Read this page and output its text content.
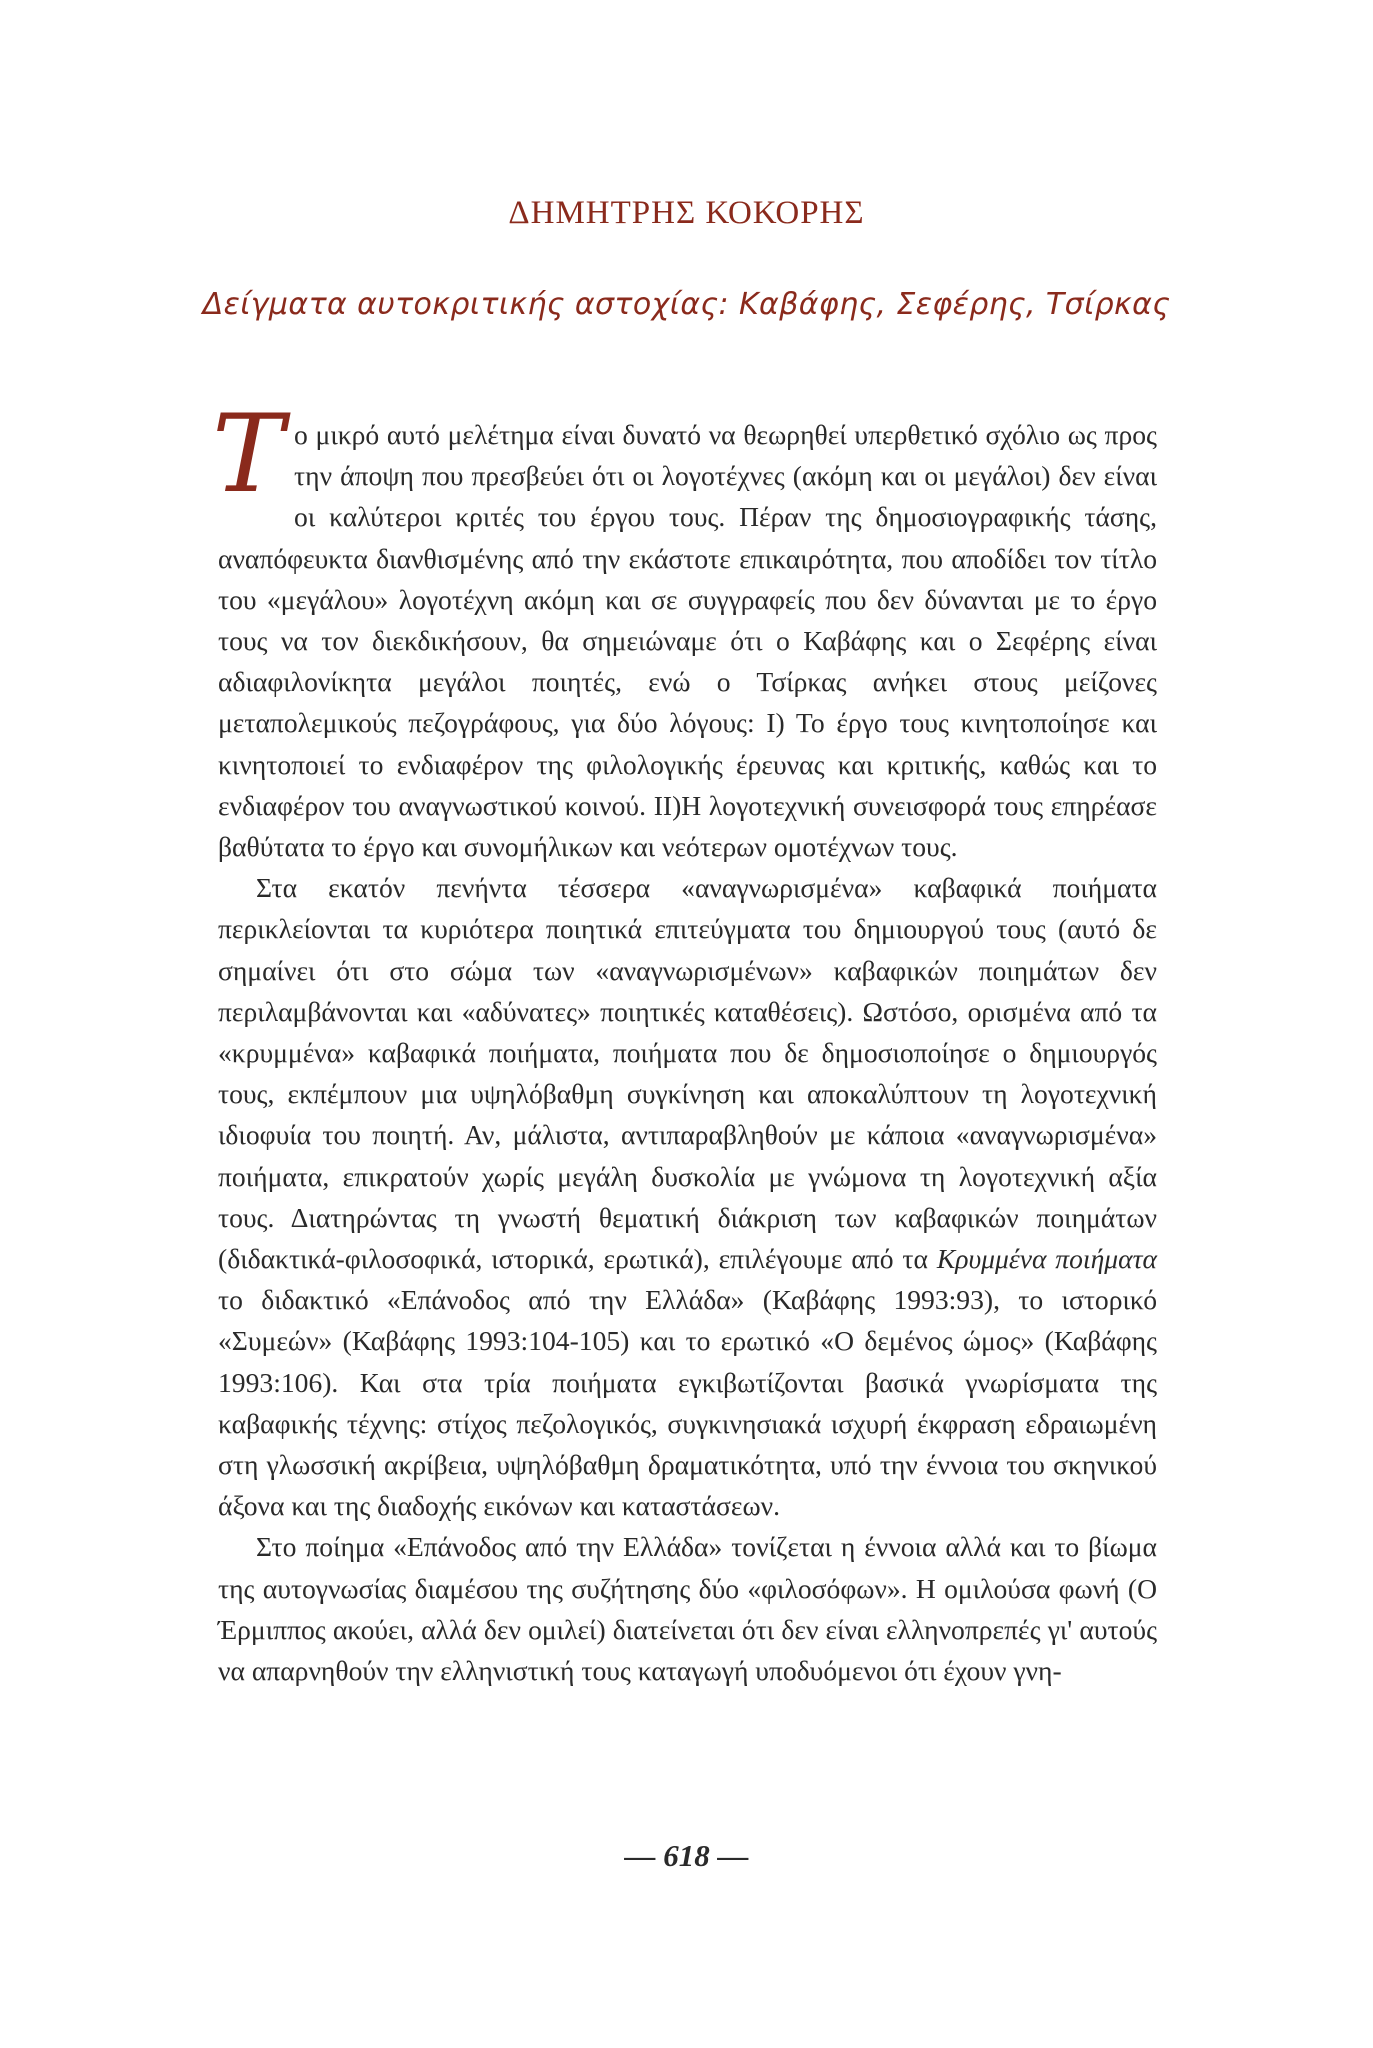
ΔΗΜΗΤΡΗΣ ΚΟΚΟΡΗΣ
Δείγματα αυτοκριτικής αστοχίας: Καβάφης, Σεφέρης, Τσίρκας

Το μικρό αυτό μελέτημα είναι δυνατό να θεωρηθεί υπερθετικό σχόλιο ως προς την άποψη που πρεσβεύει ότι οι λογοτέχνες (ακόμη και οι μεγάλοι) δεν είναι οι καλύτεροι κριτές του έργου τους. Πέραν της δημοσιογραφικής τάσης, αναπόφευκτα διανθισμένης από την εκάστοτε επικαιρότητα, που αποδίδει τον τίτλο του «μεγάλου» λογοτέχνη ακόμη και σε συγγραφείς που δεν δύνανται με το έργο τους να τον διεκδικήσουν, θα σημειώναμε ότι ο Καβάφης και ο Σεφέρης είναι αδιαφιλονίκητα μεγάλοι ποιητές, ενώ ο Τσίρκας ανήκει στους μείζονες μεταπολεμικούς πεζογράφους, για δύο λόγους: Ι) Το έργο τους κινητοποίησε και κινητοποιεί το ενδιαφέρον της φιλολογικής έρευνας και κριτικής, καθώς και το ενδιαφέρον του αναγνωστικού κοινού. ΙΙ)Η λογοτεχνική συνεισφορά τους επηρέασε βαθύτατα το έργο και συνομήλικων και νεότερων ομοτέχνων τους.

Στα εκατόν πενήντα τέσσερα «αναγνωρισμένα» καβαφικά ποιήματα περικλείονται τα κυριότερα ποιητικά επιτεύγματα του δημιουργού τους (αυτό δε σημαίνει ότι στο σώμα των «αναγνωρισμένων» καβαφικών ποιημάτων δεν περιλαμβάνονται και «αδύνατες» ποιητικές καταθέσεις). Ωστόσο, ορισμένα από τα «κρυμμένα» καβαφικά ποιήματα, ποιήματα που δε δημοσιοποίησε ο δημιουργός τους, εκπέμπουν μια υψηλόβαθμη συγκίνηση και αποκαλύπτουν τη λογοτεχνική ιδιοφυία του ποιητή. Αν, μάλιστα, αντιπαραβληθούν με κάποια «αναγνωρισμένα» ποιήματα, επικρατούν χωρίς μεγάλη δυσκολία με γνώμονα τη λογοτεχνική αξία τους. Διατηρώντας τη γνωστή θεματική διάκριση των καβαφικών ποιημάτων (διδακτικά-φιλοσοφικά, ιστορικά, ερωτικά), επιλέγουμε από τα Κρυμμένα ποιήματα το διδακτικό «Επάνοδος από την Ελλάδα» (Καβάφης 1993:93), το ιστορικό «Συμεών» (Καβάφης 1993:104-105) και το ερωτικό «Ο δεμένος ώμος» (Καβάφης 1993:106). Και στα τρία ποιήματα εγκιβωτίζονται βασικά γνωρίσματα της καβαφικής τέχνης: στίχος πεζολογικός, συγκινησιακά ισχυρή έκφραση εδραιωμένη στη γλωσσική ακρίβεια, υψηλόβαθμη δραματικότητα, υπό την έννοια του σκηνικού άξονα και της διαδοχής εικόνων και καταστάσεων.

Στο ποίημα «Επάνοδος από την Ελλάδα» τονίζεται η έννοια αλλά και το βίωμα της αυτογνωσίας διαμέσου της συζήτησης δύο «φιλοσόφων». Η ομιλούσα φωνή (Ο Έρμιππος ακούει, αλλά δεν ομιλεί) διατείνεται ότι δεν είναι ελληνοπρεπές γι' αυτούς να απαρνηθούν την ελληνιστική τους καταγωγή υποδυόμενοι ότι έχουν γνη-

— 618 —
